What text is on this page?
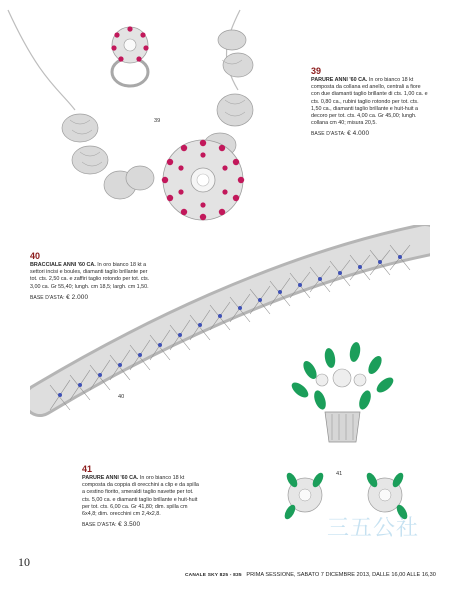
39
40
41
39
PARURE ANNI '60 CA. In oro bianco 18 kt composta da collana ed anello, centrali a fiore con due diamanti taglio brillante di cts. 1,00 ca. e cts. 0,80 ca., rubini taglio rotondo per tot. cts. 1,50 ca., diamanti taglio brillante e huit-huit a decoro per tot. cts. 4,00 ca. Gr 45,00; lungh. collana cm 40; misura 20,5.
BASE D'ASTA: € 4.000
40
BRACCIALE ANNI '60 CA. In oro bianco 18 kt a settori incisi e boules, diamanti taglio brillante per tot. cts. 2,50 ca. e zaffiri taglio rotondo per tot. cts. 3,00 ca. Gr 55,40; lungh. cm 18,5; largh. cm 1,50.
BASE D'ASTA: € 2.000
41
PARURE ANNI '60 CA. In oro bianco 18 kt composta da coppia di orecchini a clip e da spilla a cestino fiorito, smeraldi taglio navette per tot. cts. 5,00 ca. e diamanti taglio brillante e huit-huit per tot. cts. 6,00 ca. Gr 41,80; dim. spilla cm 6x4,8; dim. orecchini cm 2,4x2,8.
BASE D'ASTA: € 3.500	三五公社
10
CANALE SKY 825 - 835 PRIMA SESSIONE, SABATO 7 DICEMBRE 2013, DALLE 16,00 ALLE 16,30
